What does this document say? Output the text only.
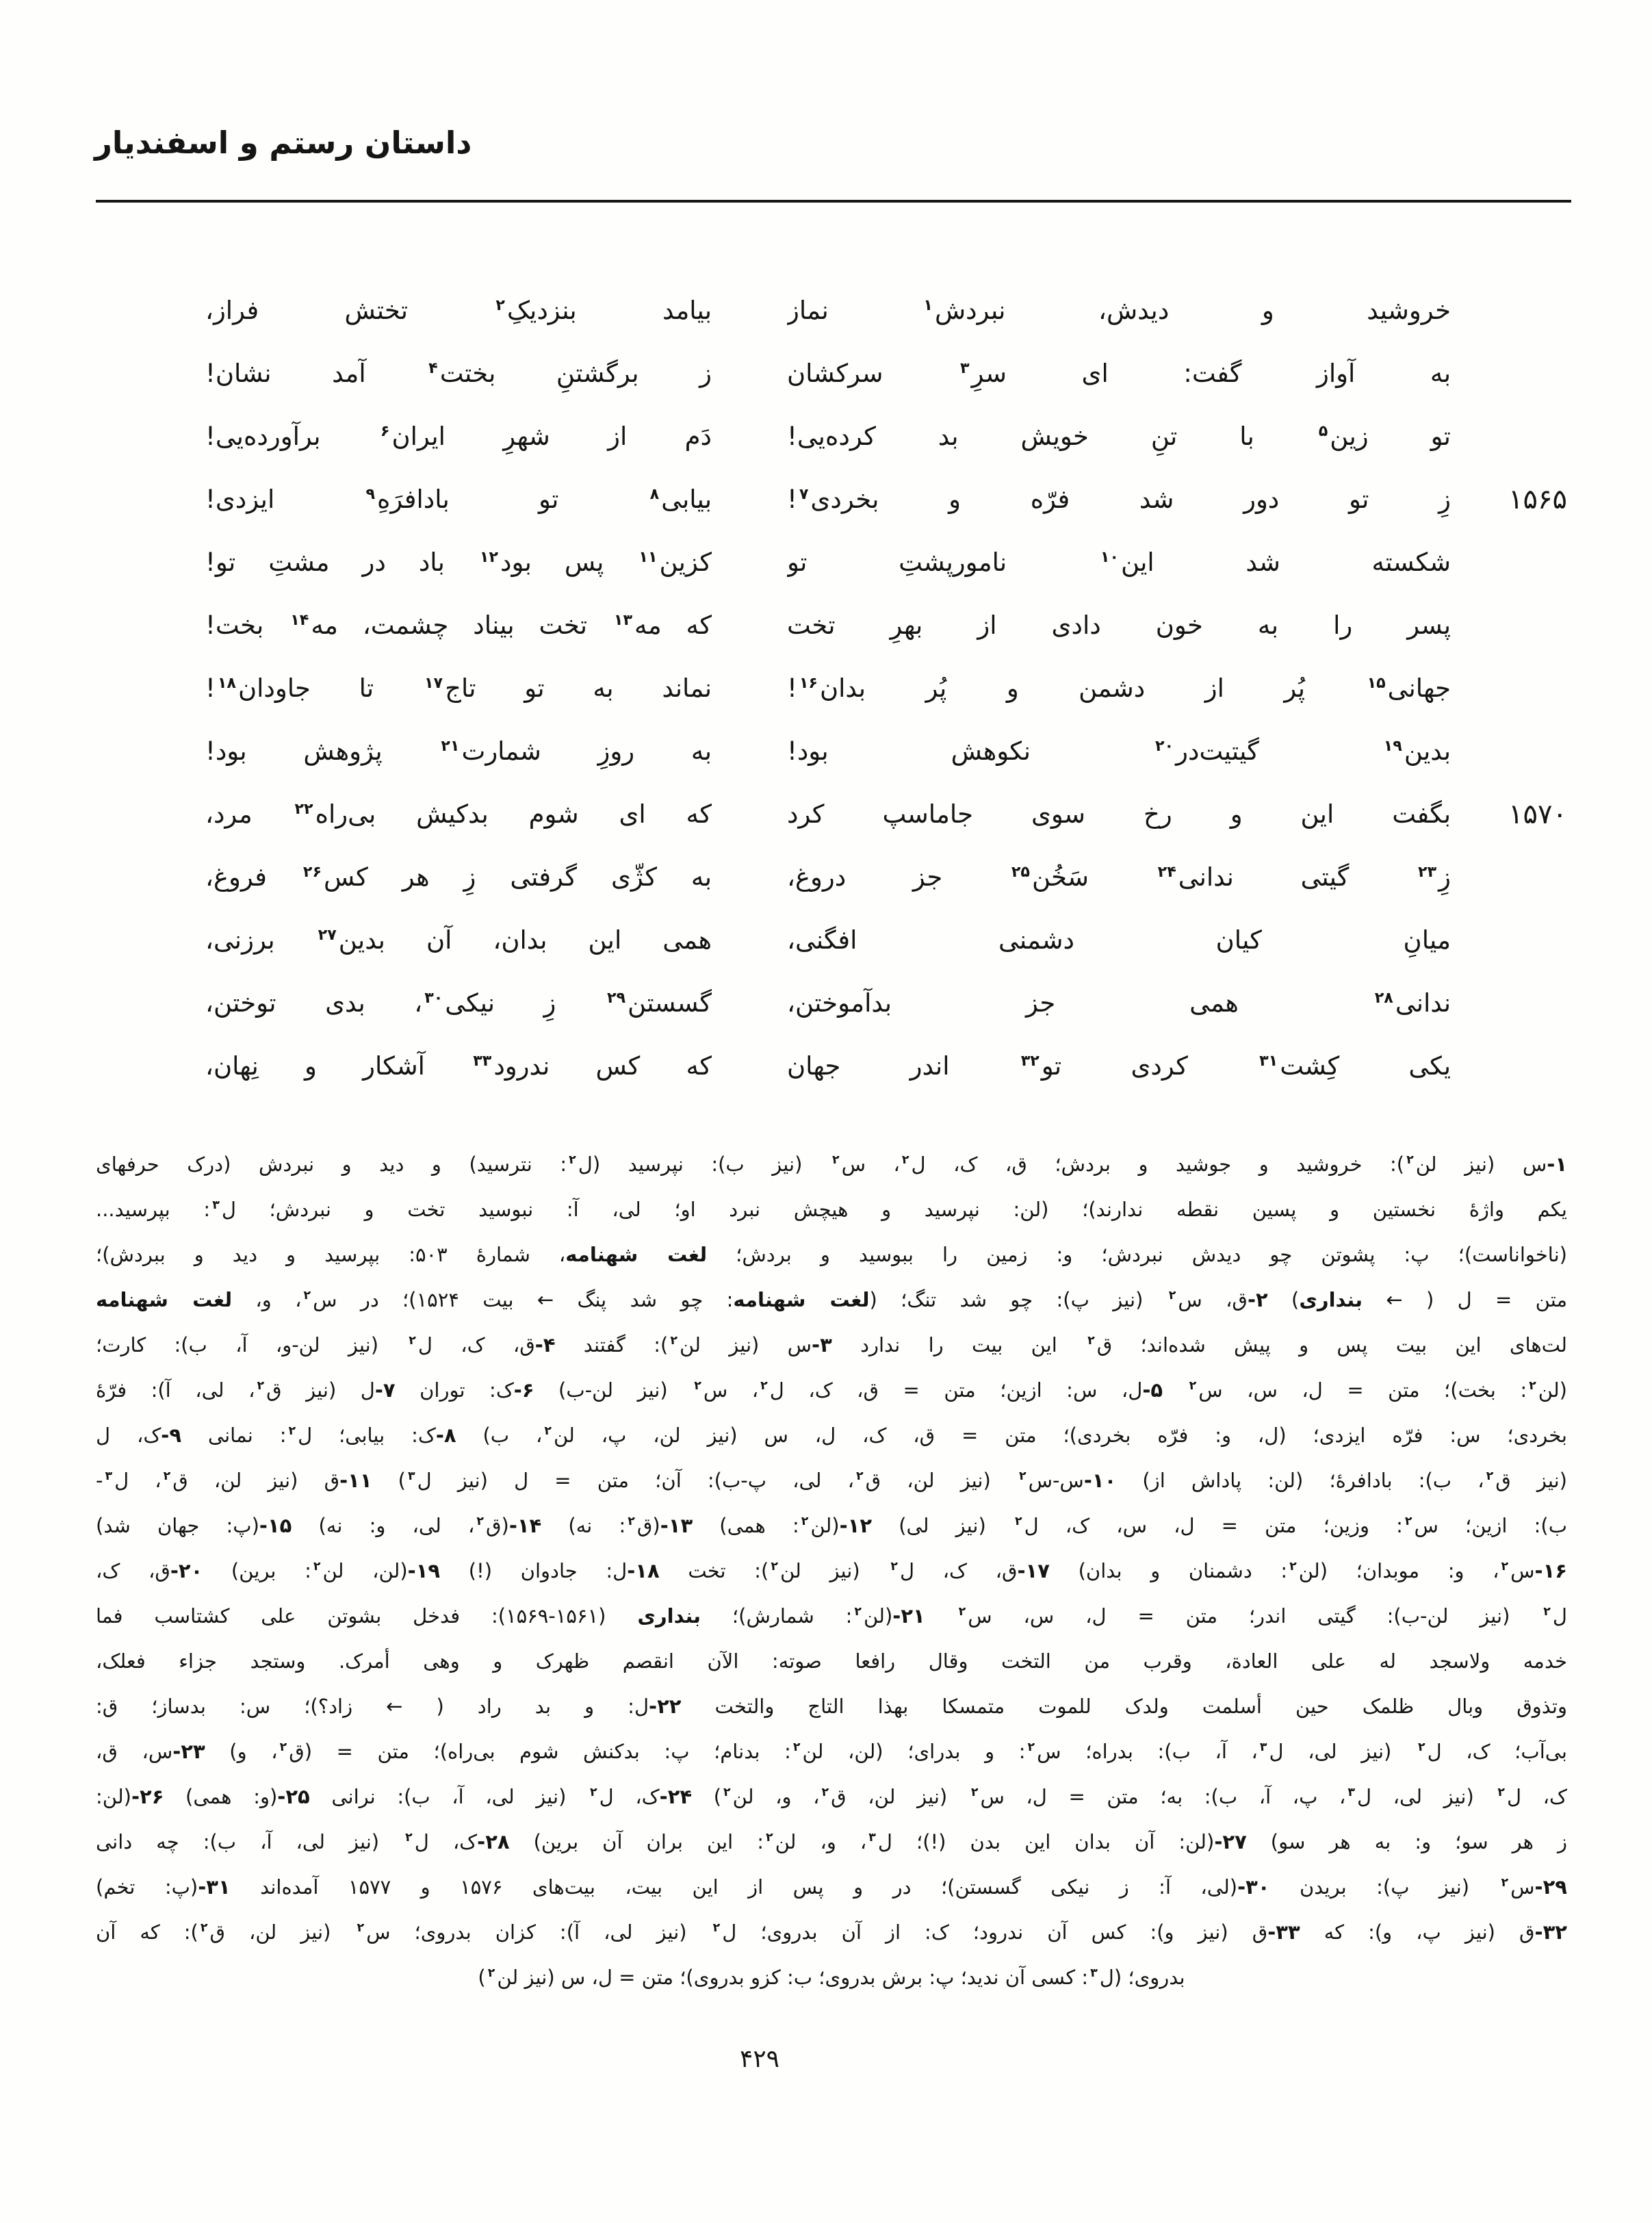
داستان رستم و اسفندیار
خروشید و دیدش، نبردش$^۱$ نماز
بیامد بنزدیکِ$^۲$ تختش فراز،
به آواز گفت: ای سرِ$^۳$ سرکشان
ز برگشتنِ بختت$^۴$ آمد نشان!
تو زین$^۵$ با تنِ خویش بد کرده‌یی!
دَم از شهرِ ایران$^۶$ برآورده‌یی!
۱۵۶۵
زِ تو دور شد فرّه و بخردی$^۷$!
بیابی$^۸$ تو بادافرَهِ$^۹$ ایزدی!
شکسته شد این$^{۱۰}$ نامورپشتِ تو
کزین$^{۱۱}$ پس بود$^{۱۲}$ باد در مشتِ تو!
پسر را به خون دادی از بهرِ تخت
که مه$^{۱۳}$ تخت بیناد چشمت، مه$^{۱۴}$ بخت!
جهانی$^{۱۵}$ پُر از دشمن و پُر بدان$^{۱۶}$!
نماند به تو تاج$^{۱۷}$ تا جاودان$^{۱۸}$!
بدین$^{۱۹}$ گیتیت‌در$^{۲۰}$ نکوهش بود!
به روزِ شمارت$^{۲۱}$ پژوهش بود!
۱۵۷۰
بگفت این و رخ سوی جاماسپ کرد
که ای شوم بدکیش بی‌راه$^{۲۲}$ مرد،
زِ$^{۲۳}$ گیتی ندانی$^{۲۴}$ سَخُن$^{۲۵}$ جز دروغ،
به کژّی گرفتی زِ هر کس$^{۲۶}$ فروغ،
میانِ کیان دشمنی افگنی،
همی این بدان، آن بدین$^{۲۷}$ برزنی،
ندانی$^{۲۸}$ همی جز بدآموختن،
گسستن$^{۲۹}$ زِ نیکی$^{۳۰}$، بدی توختن،
یکی کِشت$^{۳۱}$ کردی تو$^{۳۲}$ اندر جهان
که کس ندرود$^{۳۳}$ آشکار و نِهان،
۱-س (نیز لن$^۲$): خروشید و جوشید و بردش؛ ق، ک، ل$^۲$، س$^۲$ (نیز ب): نپرسید (ل$^۲$: نترسید) و دید و نبردش (درک حرفهای
یکم واژهٔ نخستین و پسین نقطه ندارند)؛ (لن: نپرسید و هیچش نبرد او؛ لی، آ: نبوسید تخت و نبردش؛ ل$^۳$: بپرسید...
(ناخواناست)؛ پ: پشوتن چو دیدش نبردش؛ و: زمین را ببوسید و بردش؛ لغت شهنامه، شمارهٔ ۵۰۳: بپرسید و دید و ببردش)؛
متن = ل ( ← بنداری) ۲-ق، س$^۲$ (نیز پ): چو شد تنگ؛ (لغت شهنامه: چو شد پنگ ← بیت ۱۵۲۴)؛ در س$^۲$، و، لغت شهنامه
لت‌های این بیت پس و پیش شده‌اند؛ ق$^۲$ این بیت را ندارد ۳-س (نیز لن$^۲$): گفتند ۴-ق، ک، ل$^۲$ (نیز لن-و، آ، ب): کارت؛
(لن$^۲$: بخت)؛ متن = ل، س، س$^۲$ ۵-ل، س: ازین؛ متن = ق، ک، ل$^۲$، س$^۲$ (نیز لن-ب) ۶-ک: توران ۷-ل (نیز ق$^۲$، لی، آ): فرّهٔ
بخردی؛ س: فرّه ایزدی؛ (ل، و: فرّه بخردی)؛ متن = ق، ک، ل، س (نیز لن، پ، لن$^۲$، ب) ۸-ک: بیابی؛ ل$^۲$: نمانی ۹-ک، ل
(نیز ق$^۲$، ب): بادافرهٔ؛ (لن: پاداش از) ۱۰-س-س$^۲$ (نیز لن، ق$^۲$، لی، پ-ب): آن؛ متن = ل (نیز ل$^۳$) ۱۱-ق (نیز لن، ق$^۲$، ل$^۳$-
ب): ازین؛ س$^۲$: وزین؛ متن = ل، س، ک، ل$^۲$ (نیز لی) ۱۲-(لن$^۲$: همی) ۱۳-(ق$^۲$: نه) ۱۴-(ق$^۲$، لی، و: نه) ۱۵-(پ: جهان شد)
۱۶-س$^۲$، و: موبدان؛ (لن$^۲$: دشمنان و بدان) ۱۷-ق، ک، ل$^۲$ (نیز لن$^۲$): تخت ۱۸-ل: جادوان (!) ۱۹-(لن، لن$^۲$: برین) ۲۰-ق، ک،
ل$^۲$ (نیز لن-ب): گیتی اندر؛ متن = ل، س، س$^۲$ ۲۱-(لن$^۲$: شمارش)؛ بنداری (۱۵۶۱-۱۵۶۹): فدخل بشوتن علی کشتاسب فما
خدمه ولاسجد له علی العادة، وقرب من التخت وقال رافعا صوته: الآن انقصم ظهرک و وهی أمرک. وستجد جزاء فعلک،
وتذوق وبال ظلمک حین أسلمت ولدک للموت متمسکا بهذا التاج والتخت ۲۲-ل: و بد راد ( ← زاد؟)؛ س: بدساز؛ ق:
بی‌آب؛ ک، ل$^۲$ (نیز لی، ل$^۳$، آ، ب): بدراه؛ س$^۲$: و بدرای؛ (لن، لن$^۲$: بدنام؛ پ: بدکنش شوم بی‌راه)؛ متن = (ق$^۲$، و) ۲۳-س، ق،
ک، ل$^۲$ (نیز لی، ل$^۳$، پ، آ، ب): به؛ متن = ل، س$^۲$ (نیز لن، ق$^۲$، و، لن$^۲$) ۲۴-ک، ل$^۲$ (نیز لی، آ، ب): نرانی ۲۵-(و: همی) ۲۶-(لن:
ز هر سو؛ و: به هر سو) ۲۷-(لن: آن بدان این بدن (!)؛ ل$^۳$، و، لن$^۲$: این بران آن برین) ۲۸-ک، ل$^۲$ (نیز لی، آ، ب): چه دانی
۲۹-س$^۲$ (نیز پ): بریدن ۳۰-(لی، آ: ز نیکی گسستن)؛ در و پس از این بیت، بیت‌های ۱۵۷۶ و ۱۵۷۷ آمده‌اند ۳۱-(پ: تخم)
۳۲-ق (نیز پ، و): که ۳۳-ق (نیز و): کس آن ندرود؛ ک: از آن بدروی؛ ل$^۲$ (نیز لی، آ): کزان بدروی؛ س$^۲$ (نیز لن، ق$^۲$): که آن
بدروی؛ (ل$^۳$: کسی آن ندید؛ پ: برش بدروی؛ ب: کزو بدروی)؛ متن = ل، س (نیز لن$^۲$)
۴۲۹
